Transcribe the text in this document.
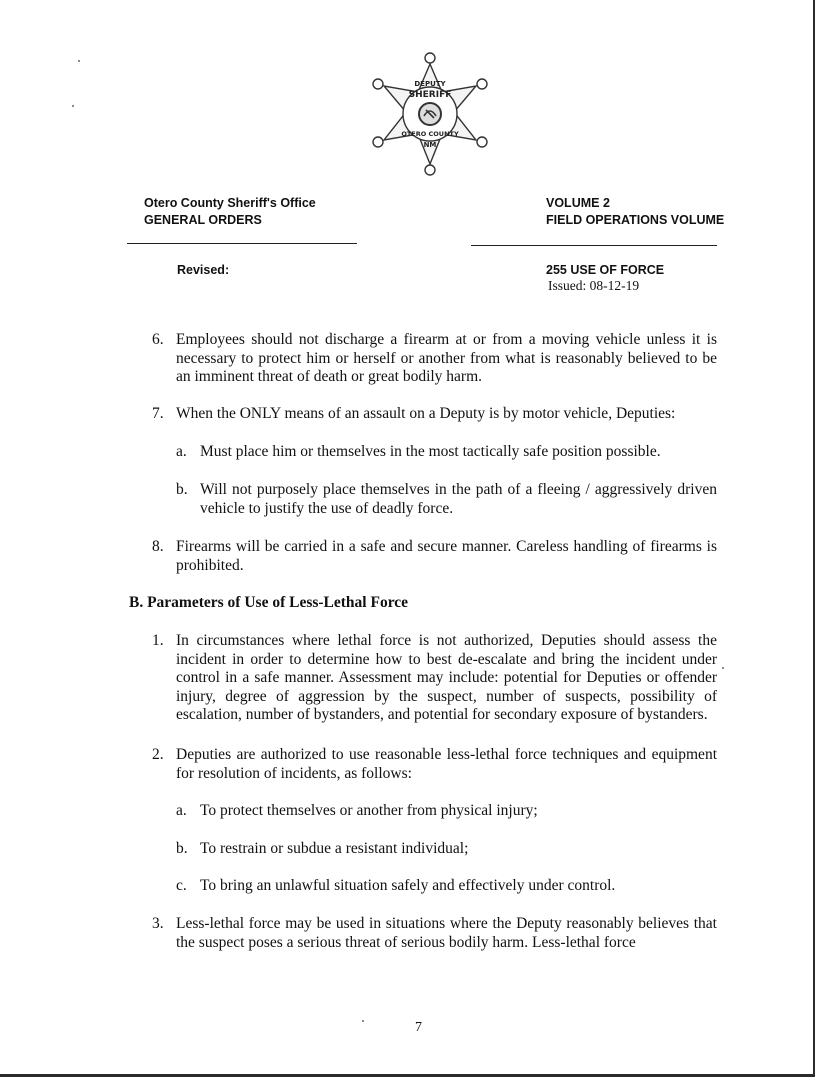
DEPUTY
SHERIFF
OTERO COUNTY
NM
Otero County Sheriff's Office
GENERAL ORDERS
VOLUME 2
FIELD OPERATIONS VOLUME
Revised:	255 USE OF FORCE
Issued: 08-12-19
6. Employees should not discharge a firearm at or from a moving vehicle unless it is necessary to protect him or herself or another from what is reasonably believed to be an imminent threat of death or great bodily harm.
7. When the ONLY means of an assault on a Deputy is by motor vehicle, Deputies:
a. Must place him or themselves in the most tactically safe position possible.
b. Will not purposely place themselves in the path of a fleeing / aggressively driven vehicle to justify the use of deadly force.
8. Firearms will be carried in a safe and secure manner. Careless handling of firearms is prohibited.
B. Parameters of Use of Less-Lethal Force
1. In circumstances where lethal force is not authorized, Deputies should assess the incident in order to determine how to best de-escalate and bring the incident under control in a safe manner. Assessment may include: potential for Deputies or offender injury, degree of aggression by the suspect, number of suspects, possibility of escalation, number of bystanders, and potential for secondary exposure of bystanders.
2. Deputies are authorized to use reasonable less-lethal force techniques and equipment for resolution of incidents, as follows:
a. To protect themselves or another from physical injury;
b. To restrain or subdue a resistant individual;
c. To bring an unlawful situation safely and effectively under control.
3. Less-lethal force may be used in situations where the Deputy reasonably believes that the suspect poses a serious threat of serious bodily harm. Less-lethal force
7
